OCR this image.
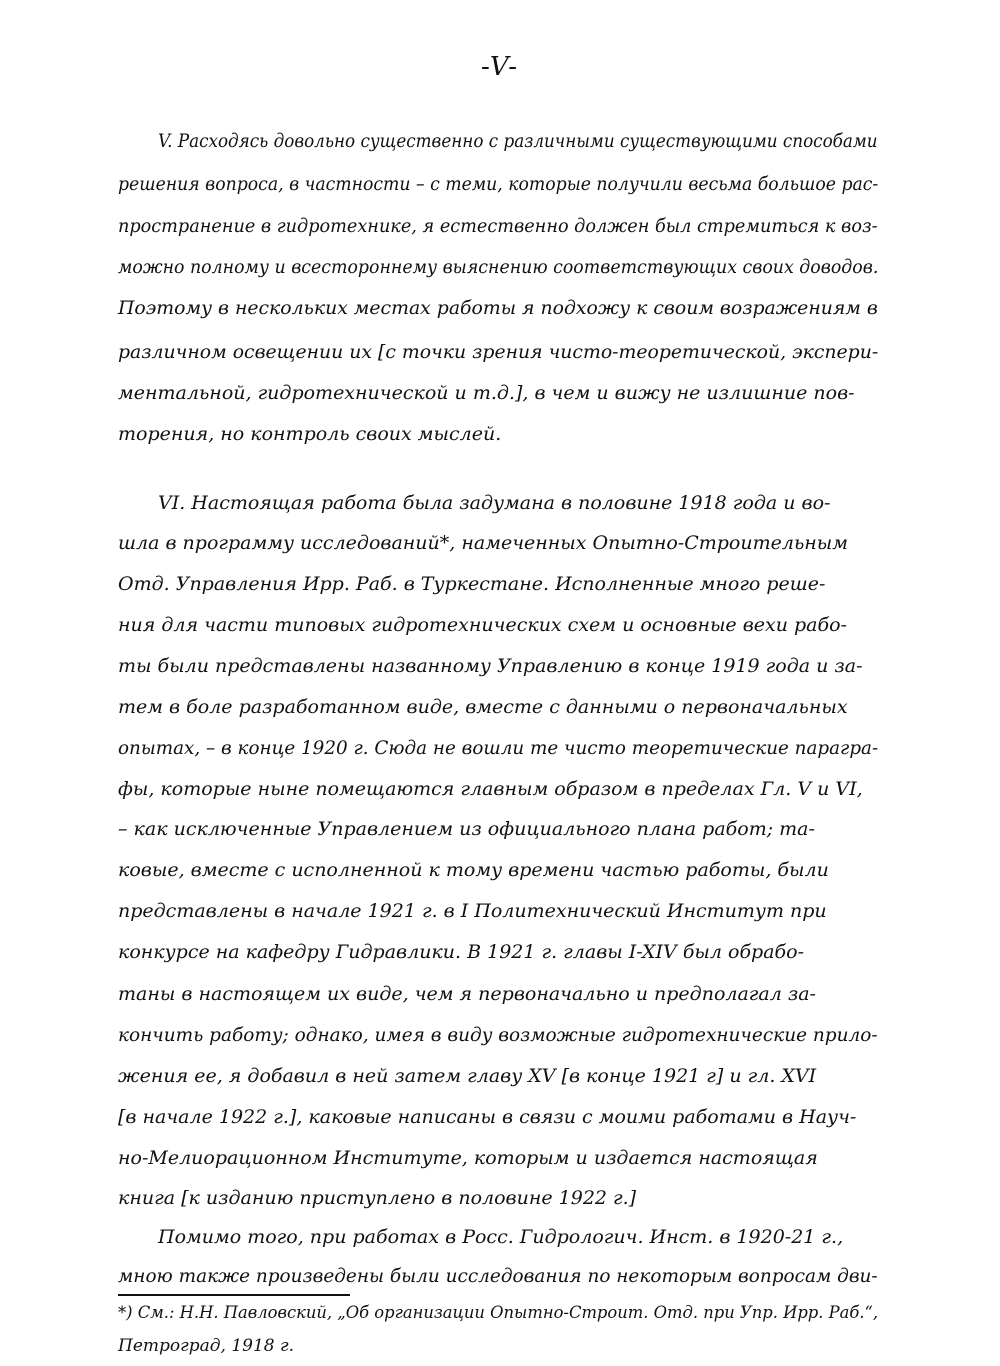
-V-
V. Расходясь довольно существенно с различными существующими способами
решения вопроса, в частности – с теми, которые получили весьма большое рас-
пространение в гидротехнике, я естественно должен был стремиться к воз-
можно полному и всестороннему выяснению соответствующих своих доводов.
Поэтому в нескольких местах работы я подхожу к своим возражениям в
различном освещении их [с точки зрения чисто-теоретической, экспери-
ментальной, гидротехнической и т.д.], в чем и вижу не излишние пов-
торения, но контроль своих мыслей.
VI. Настоящая работа была задумана в половине 1918 года и во-
шла в программу исследований*, намеченных Опытно-Строительным
Отд. Управления Ирр. Раб. в Туркестане. Исполненные много реше-
ния для части типовых гидротехнических схем и основные вехи рабо-
ты были представлены названному Управлению в конце 1919 года и за-
тем в боле разработанном виде, вместе с данными о первоначальных
опытах, – в конце 1920 г. Сюда не вошли те чисто теоретические парагра-
фы, которые ныне помещаются главным образом в пределах Гл. V и VI,
– как исключенные Управлением из официального плана работ; та-
ковые, вместе с исполненной к тому времени частью работы, были
представлены в начале 1921 г. в I Политехнический Институт при
конкурсе на кафедру Гидравлики. В 1921 г. главы I-XIV был обрабо-
таны в настоящем их виде, чем я первоначально и предполагал за-
кончить работу; однако, имея в виду возможные гидротехнические прило-
жения ее, я добавил в ней затем главу XV [в конце 1921 г] и гл. XVI
[в начале 1922 г.], каковые написаны в связи с моими работами в Науч-
но-Мелиорационном Институте, которым и издается настоящая
книга [к изданию приступлено в половине 1922 г.]
Помимо того, при работах в Росс. Гидрологич. Инст. в 1920-21 г.,
мною также произведены были исследования по некоторым вопросам дви-
*) См.: Н.Н. Павловский, „Об организации Опытно-Строит. Отд. при Упр. Ирр. Раб.“,
Петроград, 1918 г.
